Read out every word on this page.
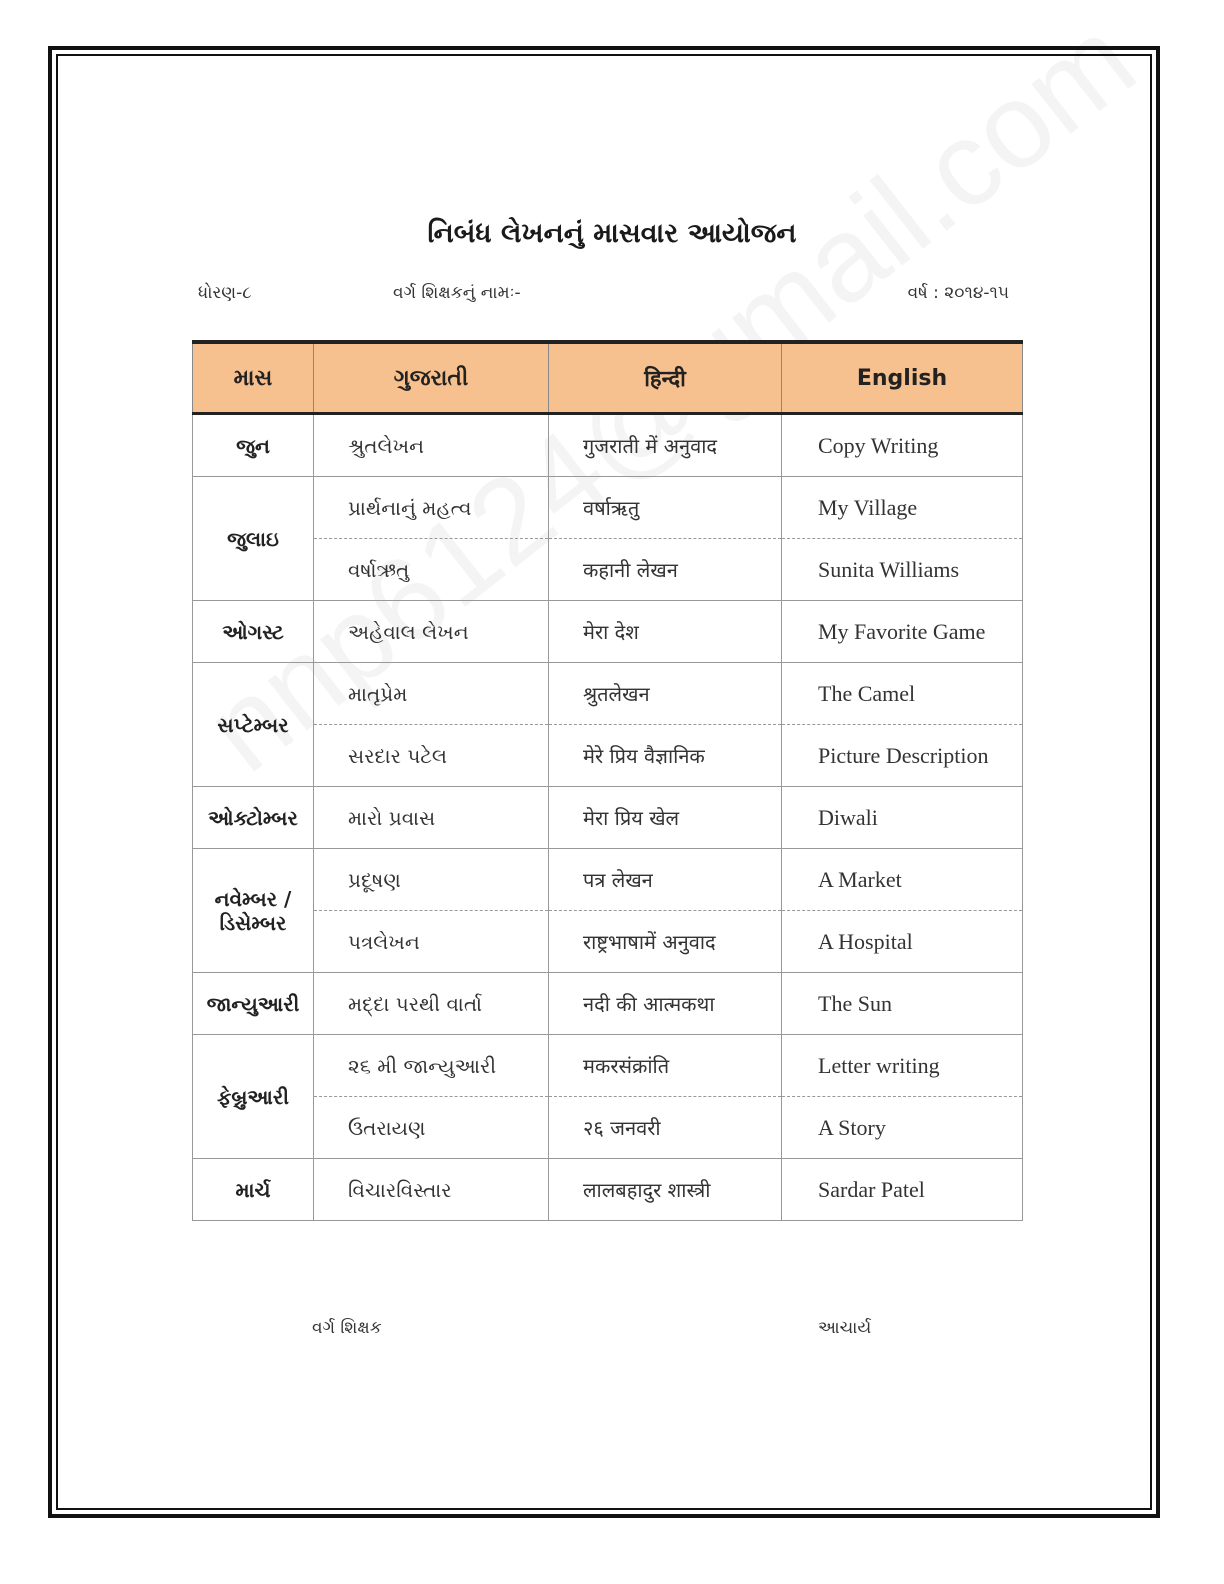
નિબંધ લેખનનું માસવાર આયોજન
ધોરણ-૮	વર્ગ શિક્ષકનું નામઃ-	વર્ષ : ૨૦૧૪-૧૫
માસ	ગુજરાતી	हिन्दी	English
જુન	શ્રુતલેખન	गुजराती में अनुवाद	Copy Writing
જુલાઇ	પ્રાર્થનાનું મહત્વ	वर्षाऋतु	My Village
	વર્ષાઋતુ	कहानी लेखन	Sunita Williams
ઓગસ્ટ	અહેવાલ લેખન	मेरा देश	My Favorite Game
સપ્ટેમ્બર	માતૃપ્રેમ	श्रुतलेखन	The Camel
	સરદાર પટેલ	मेरे प्रिय वैज्ञानिक	Picture Description
ઓક્ટોમ્બર	મારો પ્રવાસ	मेरा प्रिय खेल	Diwali
નવેમ્બર / ડિસેમ્બર	પ્રદૂષણ	पत्र लेखन	A Market
	પત્રલેખન	राष्ट्रभाषामें अनुवाद	A Hospital
જાન્યુઆરી	મદ્દા પરથી વાર્તા	नदी की आत्मकथा	The Sun
ફેબ્રુઆરી	૨૬ મી જાન્યુઆરી	मकरसंक्रांति	Letter writing
	ઉતરાયણ	२६ जनवरी	A Story
માર્ચ	વિચારવિસ્તાર	लालबहादुर शास्त्री	Sardar Patel
વર્ગ શિક્ષક	આચાર્ય
